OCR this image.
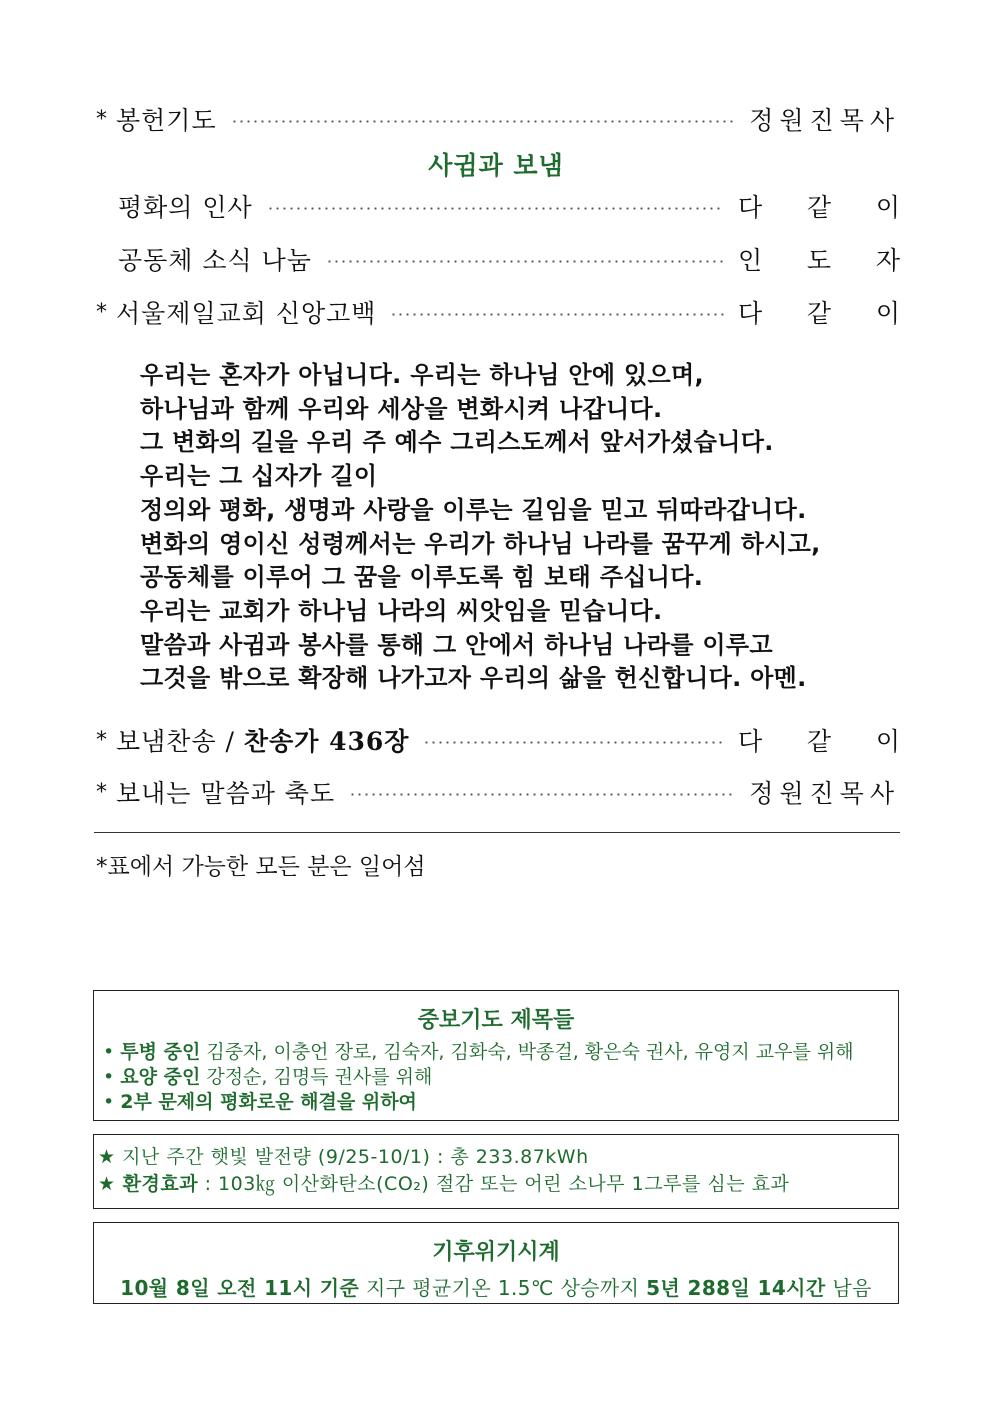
* 봉헌기도	정원진목사
사귐과 보냄
평화의 인사	다 같 이
공동체 소식 나눔	인 도 자
* 서울제일교회 신앙고백	다 같 이
우리는 혼자가 아닙니다. 우리는 하나님 안에 있으며,
하나님과 함께 우리와 세상을 변화시켜 나갑니다.
그 변화의 길을 우리 주 예수 그리스도께서 앞서가셨습니다.
우리는 그 십자가 길이
정의와 평화, 생명과 사랑을 이루는 길임을 믿고 뒤따라갑니다.
변화의 영이신 성령께서는 우리가 하나님 나라를 꿈꾸게 하시고,
공동체를 이루어 그 꿈을 이루도록 힘 보태 주십니다.
우리는 교회가 하나님 나라의 씨앗임을 믿습니다.
말씀과 사귐과 봉사를 통해 그 안에서 하나님 나라를 이루고
그것을 밖으로 확장해 나가고자 우리의 삶을 헌신합니다. 아멘.
* 보냄찬송 / 찬송가 436장	다 같 이
* 보내는 말씀과 축도	정원진목사
*표에서 가능한 모든 분은 일어섬
중보기도 제목들
• 투병 중인 김중자, 이충언 장로, 김숙자, 김화숙, 박종걸, 황은숙 권사, 유영지 교우를 위해
• 요양 중인 강정순, 김명득 권사를 위해
• 2부 문제의 평화로운 해결을 위하여
★ 지난 주간 햇빛 발전량 (9/25-10/1) : 총 233.87kWh
★ 환경효과 : 103㎏ 이산화탄소(CO₂) 절감 또는 어린 소나무 1그루를 심는 효과
기후위기시계
10월 8일 오전 11시 기준 지구 평균기온 1.5℃ 상승까지 5년 288일 14시간 남음
